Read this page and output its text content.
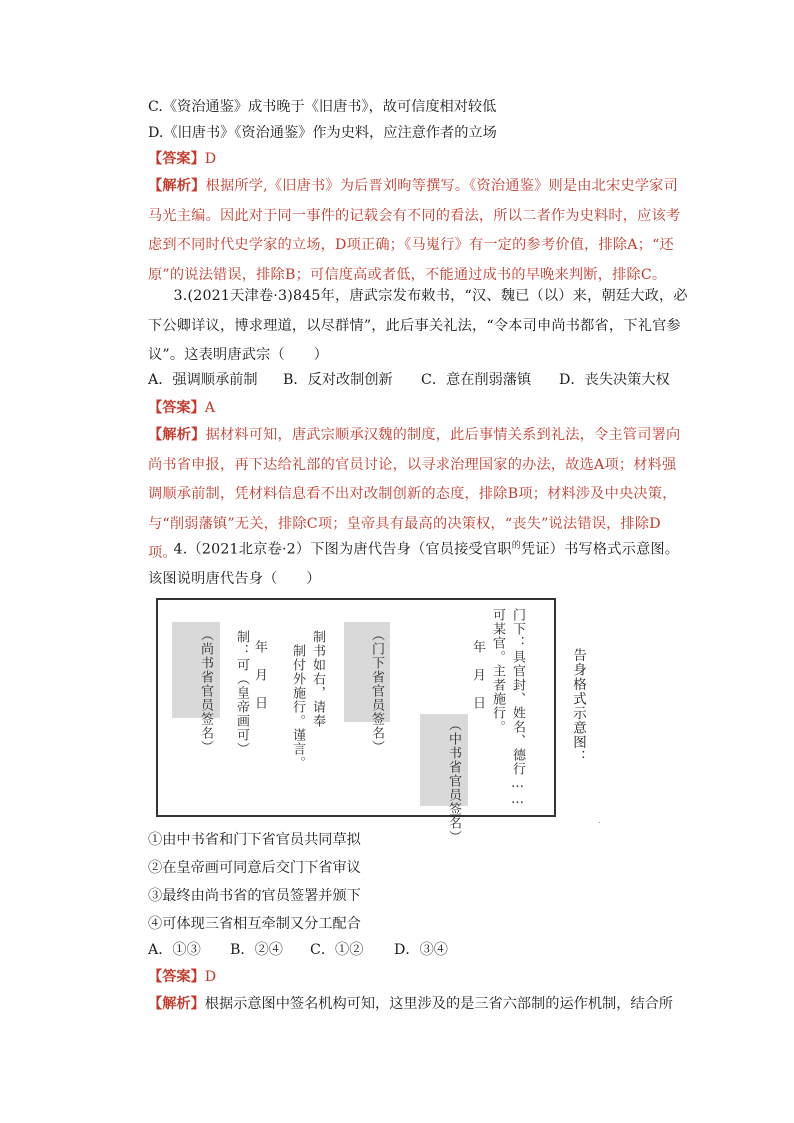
C.《资治通鉴》成书晚于《旧唐书》，故可信度相对较低
D.《旧唐书》《资治通鉴》作为史料，应注意作者的立场
【答案】D
【解析】根据所学,《旧唐书》为后晋刘昫等撰写。《资治通鉴》则是由北宋史学家司马光主编。因此对于同一事件的记载会有不同的看法，所以二者作为史料时，应该考虑到不同时代史学家的立场，D项正确；《马嵬行》有一定的参考价值，排除A；“还原”的说法错误，排除B；可信度高或者低，不能通过成书的早晚来判断，排除C。
3.(2021天津卷·3)845年，唐武宗发布敕书，“汉、魏已（以）来，朝廷大政，必下公卿详议，博求理道，以尽群情”，此后事关礼法，“令本司申尚书都省，下礼官参议”。这表明唐武宗（　　）
A．强调顺承前制 B．反对改制创新 C．意在削弱藩镇 D．丧失决策大权
【答案】A
【解析】据材料可知，唐武宗顺承汉魏的制度，此后事情关系到礼法，令主管司署向尚书省申报，再下达给礼部的官员讨论，以寻求治理国家的办法，故选A项；材料强调顺承前制，凭材料信息看不出对改制创新的态度，排除B项；材料涉及中央决策，与“削弱藩镇”无关，排除C项；皇帝具有最高的决策权，“丧失”说法错误，排除D项。
4.（2021北京卷·2）下图为唐代告身（官员接受官职$^的$凭证）书写格式示意图。该图说明唐代告身（　　）
门下：具官封、姓名、德行……
可某官。主者施行。
年　月　日
（中书省官员签名）
（门下省官员签名）
制书如右，请奉
制付外施行。谨言。
年　月　日
制：可（皇帝画可）
（尚书省官员签名）	告身格式示意图：
.
①由中书省和门下省官员共同草拟
②在皇帝画可同意后交门下省审议
③最终由尚书省的官员签署并颁下
④可体现三省相互牵制又分工配合
A．①③ B．②④ C．①② D．③④
【答案】D
【解析】根据示意图中签名机构可知，这里涉及的是三省六部制的运作机制，结合所
